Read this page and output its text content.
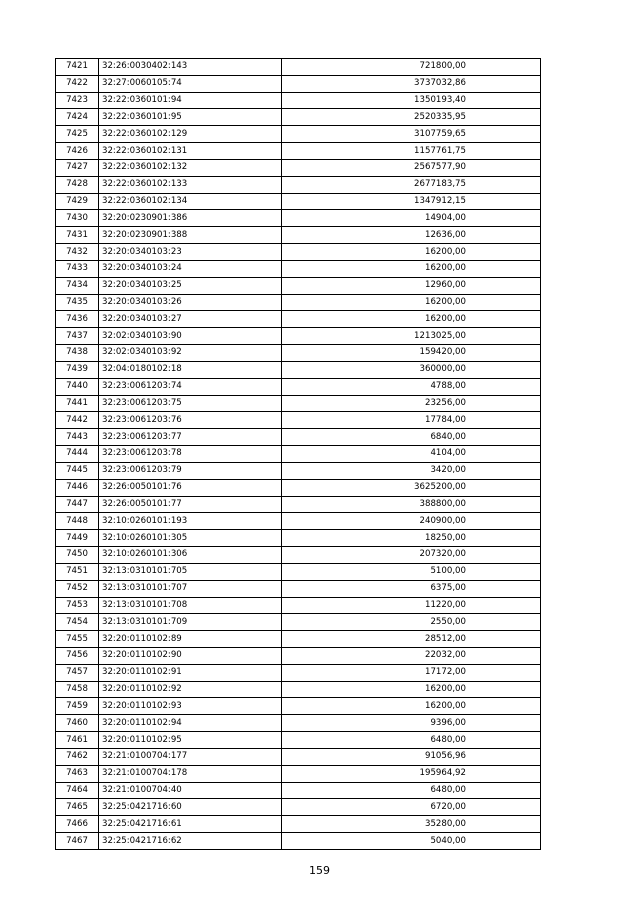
7421	32:26:0030402:143	721800,00
7422	32:27:0060105:74	3737032,86
7423	32:22:0360101:94	1350193,40
7424	32:22:0360101:95	2520335,95
7425	32:22:0360102:129	3107759,65
7426	32:22:0360102:131	1157761,75
7427	32:22:0360102:132	2567577,90
7428	32:22:0360102:133	2677183,75
7429	32:22:0360102:134	1347912,15
7430	32:20:0230901:386	14904,00
7431	32:20:0230901:388	12636,00
7432	32:20:0340103:23	16200,00
7433	32:20:0340103:24	16200,00
7434	32:20:0340103:25	12960,00
7435	32:20:0340103:26	16200,00
7436	32:20:0340103:27	16200,00
7437	32:02:0340103:90	1213025,00
7438	32:02:0340103:92	159420,00
7439	32:04:0180102:18	360000,00
7440	32:23:0061203:74	4788,00
7441	32:23:0061203:75	23256,00
7442	32:23:0061203:76	17784,00
7443	32:23:0061203:77	6840,00
7444	32:23:0061203:78	4104,00
7445	32:23:0061203:79	3420,00
7446	32:26:0050101:76	3625200,00
7447	32:26:0050101:77	388800,00
7448	32:10:0260101:193	240900,00
7449	32:10:0260101:305	18250,00
7450	32:10:0260101:306	207320,00
7451	32:13:0310101:705	5100,00
7452	32:13:0310101:707	6375,00
7453	32:13:0310101:708	11220,00
7454	32:13:0310101:709	2550,00
7455	32:20:0110102:89	28512,00
7456	32:20:0110102:90	22032,00
7457	32:20:0110102:91	17172,00
7458	32:20:0110102:92	16200,00
7459	32:20:0110102:93	16200,00
7460	32:20:0110102:94	9396,00
7461	32:20:0110102:95	6480,00
7462	32:21:0100704:177	91056,96
7463	32:21:0100704:178	195964,92
7464	32:21:0100704:40	6480,00
7465	32:25:0421716:60	6720,00
7466	32:25:0421716:61	35280,00
7467	32:25:0421716:62	5040,00
159
